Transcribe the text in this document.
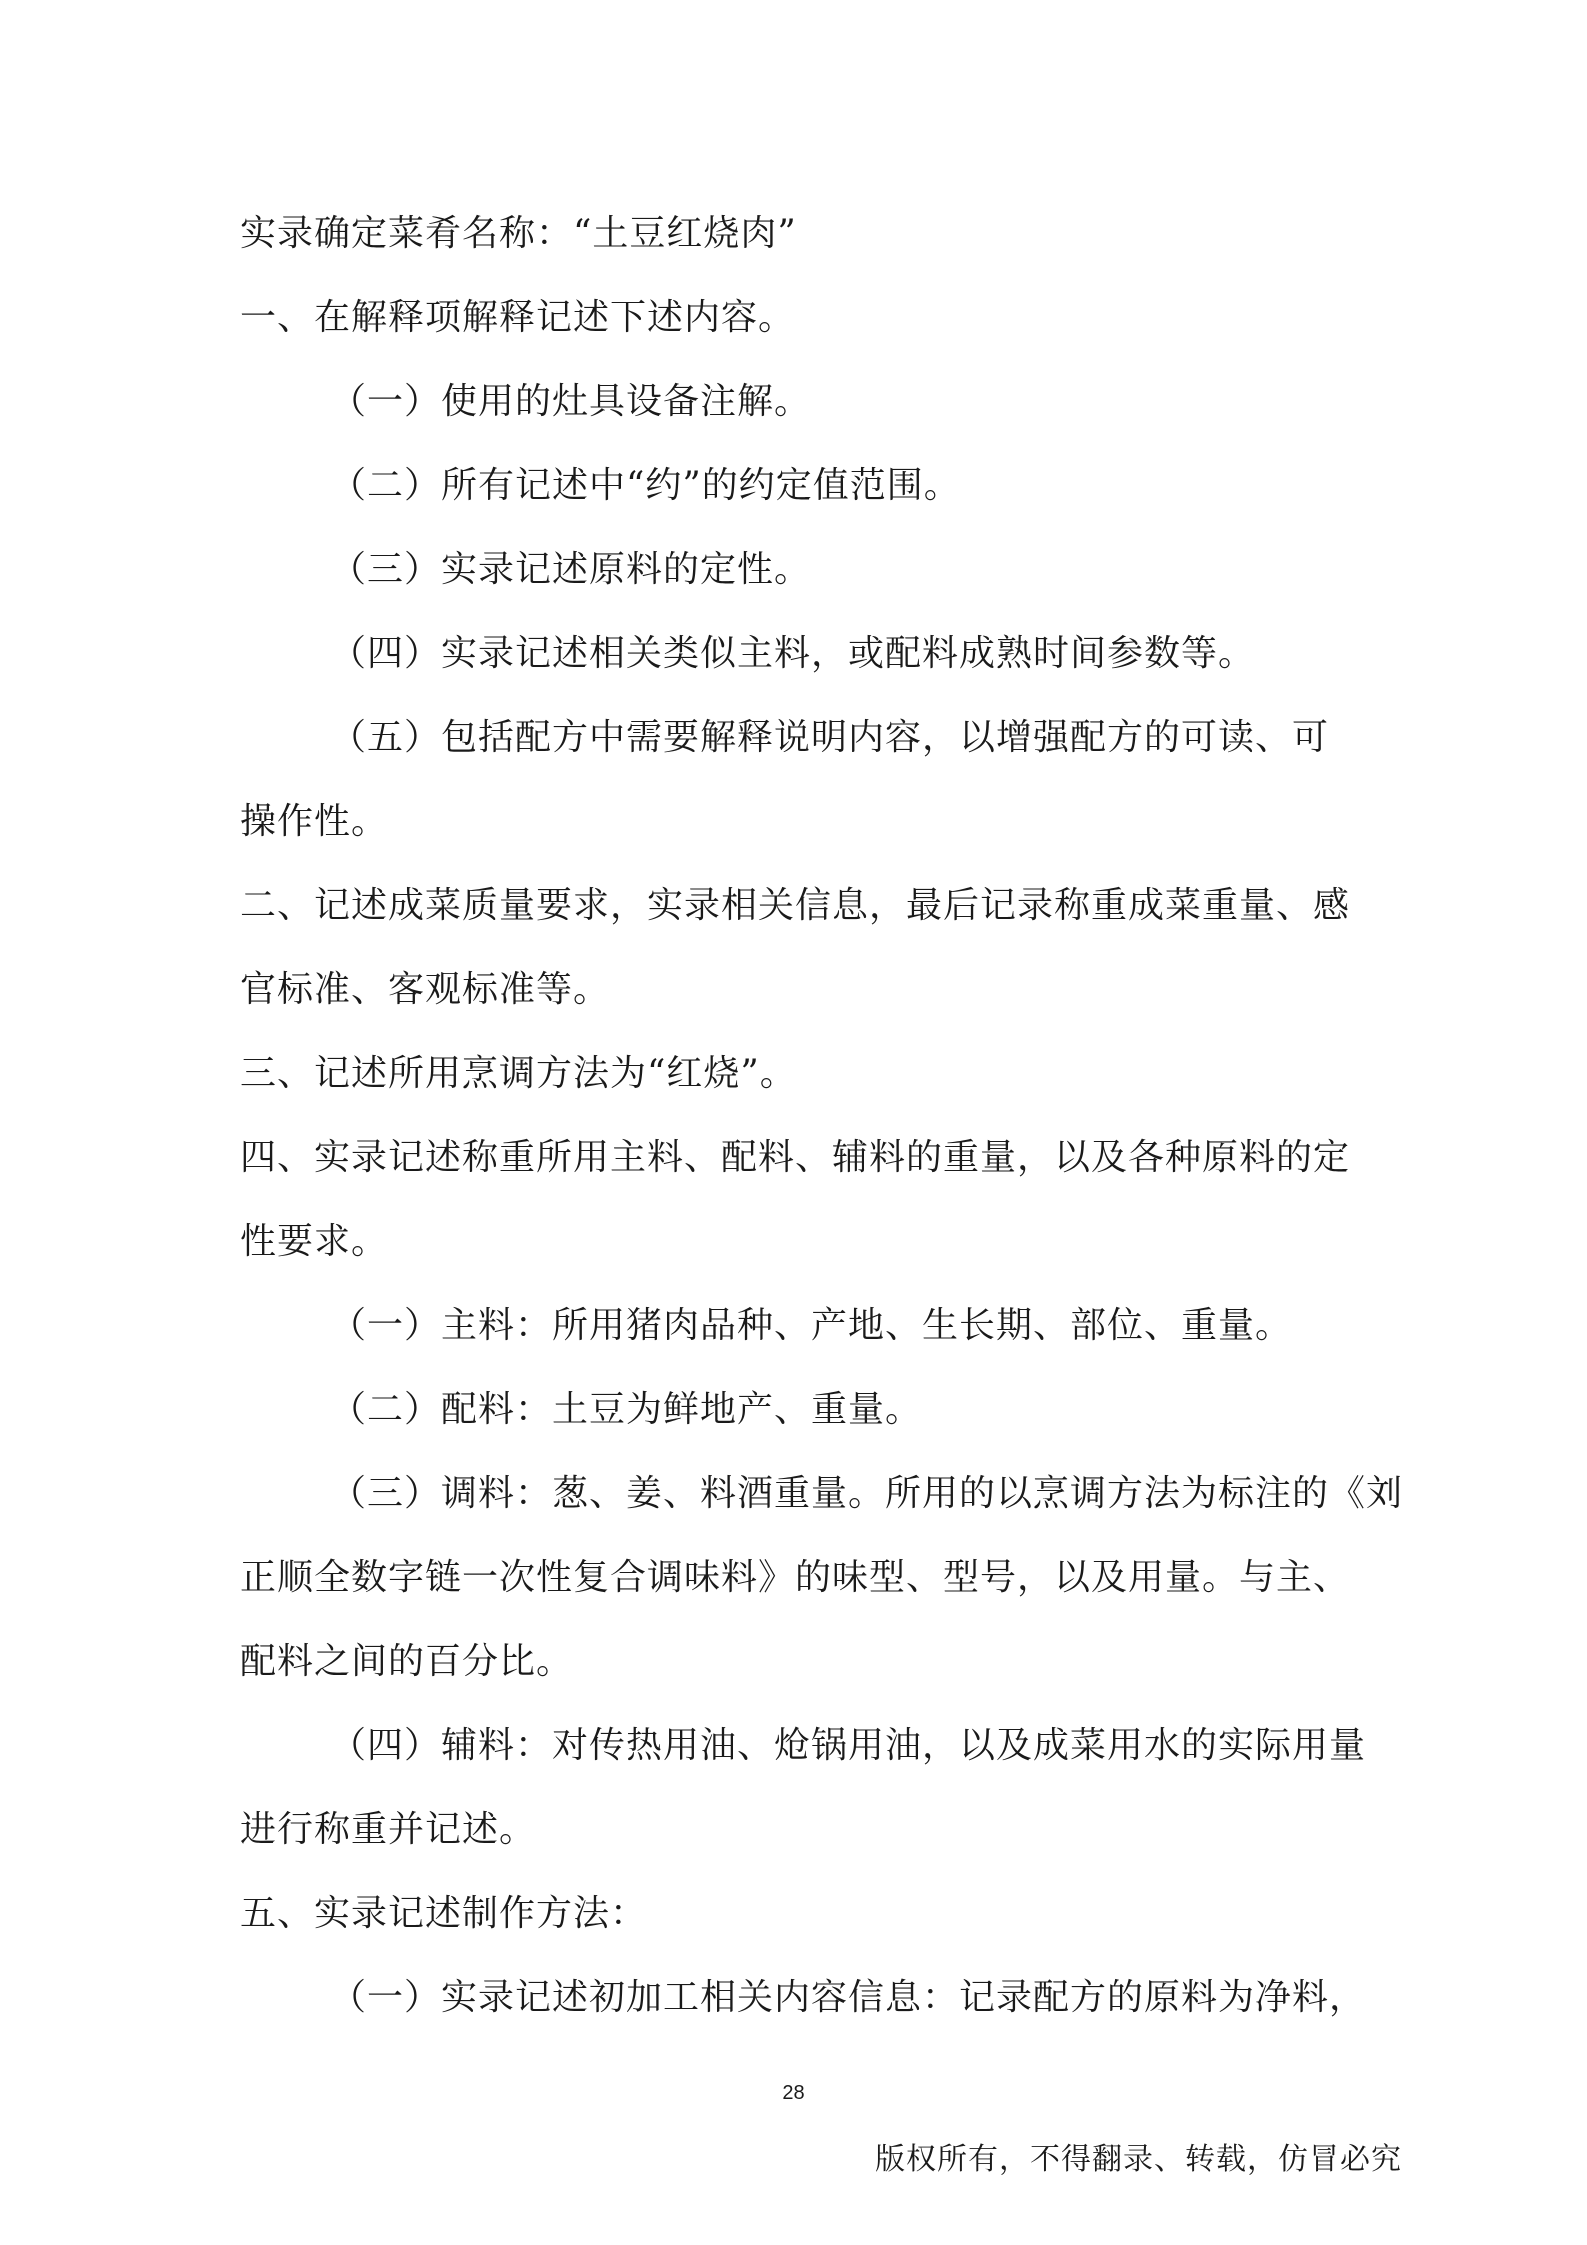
实录确定菜肴名称：“土豆红烧肉”
一、在解释项解释记述下述内容。
（一）使用的灶具设备注解。
（二）所有记述中“约”的约定值范围。
（三）实录记述原料的定性。
（四）实录记述相关类似主料，或配料成熟时间参数等。
（五）包括配方中需要解释说明内容，以增强配方的可读、可
操作性。
二、记述成菜质量要求，实录相关信息，最后记录称重成菜重量、感
官标准、客观标准等。
三、记述所用烹调方法为“红烧”。
四、实录记述称重所用主料、配料、辅料的重量，以及各种原料的定
性要求。
（一）主料：所用猪肉品种、产地、生长期、部位、重量。
（二）配料：土豆为鲜地产、重量。
（三）调料：葱、姜、料酒重量。所用的以烹调方法为标注的《刘
正顺全数字链一次性复合调味料》的味型、型号，以及用量。与主、
配料之间的百分比。
（四）辅料：对传热用油、炝锅用油，以及成菜用水的实际用量
进行称重并记述。
五、实录记述制作方法：
（一）实录记述初加工相关内容信息：记录配方的原料为净料，
28
版权所有，不得翻录、转载，仿冒必究
